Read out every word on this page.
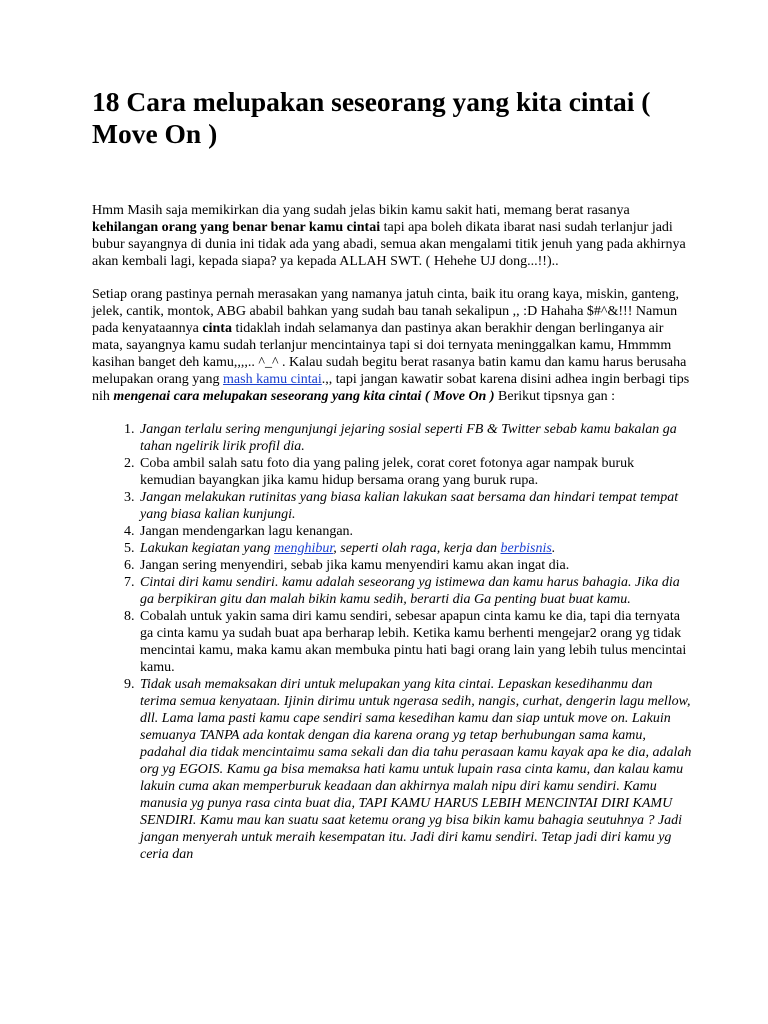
18 Cara melupakan seseorang yang kita cintai ( Move On )

Hmm Masih saja memikirkan dia yang sudah jelas bikin kamu sakit hati, memang berat rasanya kehilangan orang yang benar benar kamu cintai tapi apa boleh dikata ibarat nasi sudah terlanjur jadi bubur sayangnya di dunia ini tidak ada yang abadi, semua akan mengalami titik jenuh yang pada akhirnya akan kembali lagi, kepada siapa? ya kepada ALLAH SWT. ( Hehehe UJ dong...!!)..

Setiap orang pastinya pernah merasakan yang namanya jatuh cinta, baik itu orang kaya, miskin, ganteng, jelek, cantik, montok, ABG ababil bahkan yang sudah bau tanah sekalipun ,, :D Hahaha $#^&!!! Namun pada kenyataannya cinta tidaklah indah selamanya dan pastinya akan berakhir dengan berlinganya air mata, sayangnya kamu sudah terlanjur mencintainya tapi si doi ternyata meninggalkan kamu, Hmmmm kasihan banget deh kamu,,,,.. ^_^ . Kalau sudah begitu berat rasanya batin kamu dan kamu harus berusaha melupakan orang yang mash kamu cintai.,, tapi jangan kawatir sobat karena disini adhea ingin berbagi tips nih mengenai cara melupakan seseorang yang kita cintai ( Move On ) Berikut tipsnya gan :

1. Jangan terlalu sering mengunjungi jejaring sosial seperti FB & Twitter sebab kamu bakalan ga tahan ngelirik lirik profil dia.
2. Coba ambil salah satu foto dia yang paling jelek, corat coret fotonya agar nampak buruk kemudian bayangkan jika kamu hidup bersama orang yang buruk rupa.
3. Jangan melakukan rutinitas yang biasa kalian lakukan saat bersama dan hindari tempat tempat yang biasa kalian kunjungi.
4. Jangan mendengarkan lagu kenangan.
5. Lakukan kegiatan yang menghibur, seperti olah raga, kerja dan berbisnis.
6. Jangan sering menyendiri, sebab jika kamu menyendiri kamu akan ingat dia.
7. Cintai diri kamu sendiri. kamu adalah seseorang yg istimewa dan kamu harus bahagia. Jika dia ga berpikiran gitu dan malah bikin kamu sedih, berarti dia Ga penting buat buat kamu.
8. Cobalah untuk yakin sama diri kamu sendiri, sebesar apapun cinta kamu ke dia, tapi dia ternyata ga cinta kamu ya sudah buat apa berharap lebih. Ketika kamu berhenti mengejar2 orang yg tidak mencintai kamu, maka kamu akan membuka pintu hati bagi orang lain yang lebih tulus mencintai kamu.
9. Tidak usah memaksakan diri untuk melupakan yang kita cintai. Lepaskan kesedihanmu dan terima semua kenyataan. Ijinin dirimu untuk ngerasa sedih, nangis, curhat, dengerin lagu mellow, dll. Lama lama pasti kamu cape sendiri sama kesedihan kamu dan siap untuk move on. Lakuin semuanya TANPA ada kontak dengan dia karena orang yg tetap berhubungan sama kamu, padahal dia tidak mencintaimu sama sekali dan dia tahu perasaan kamu kayak apa ke dia, adalah org yg EGOIS. Kamu ga bisa memaksa hati kamu untuk lupain rasa cinta kamu, dan kalau kamu lakuin cuma akan memperburuk keadaan dan akhirnya malah nipu diri kamu sendiri. Kamu manusia yg punya rasa cinta buat dia, TAPI KAMU HARUS LEBIH MENCINTAI DIRI KAMU SENDIRI. Kamu mau kan suatu saat ketemu orang yg bisa bikin kamu bahagia seutuhnya ? Jadi jangan menyerah untuk meraih kesempatan itu. Jadi diri kamu sendiri. Tetap jadi diri kamu yg ceria dan
